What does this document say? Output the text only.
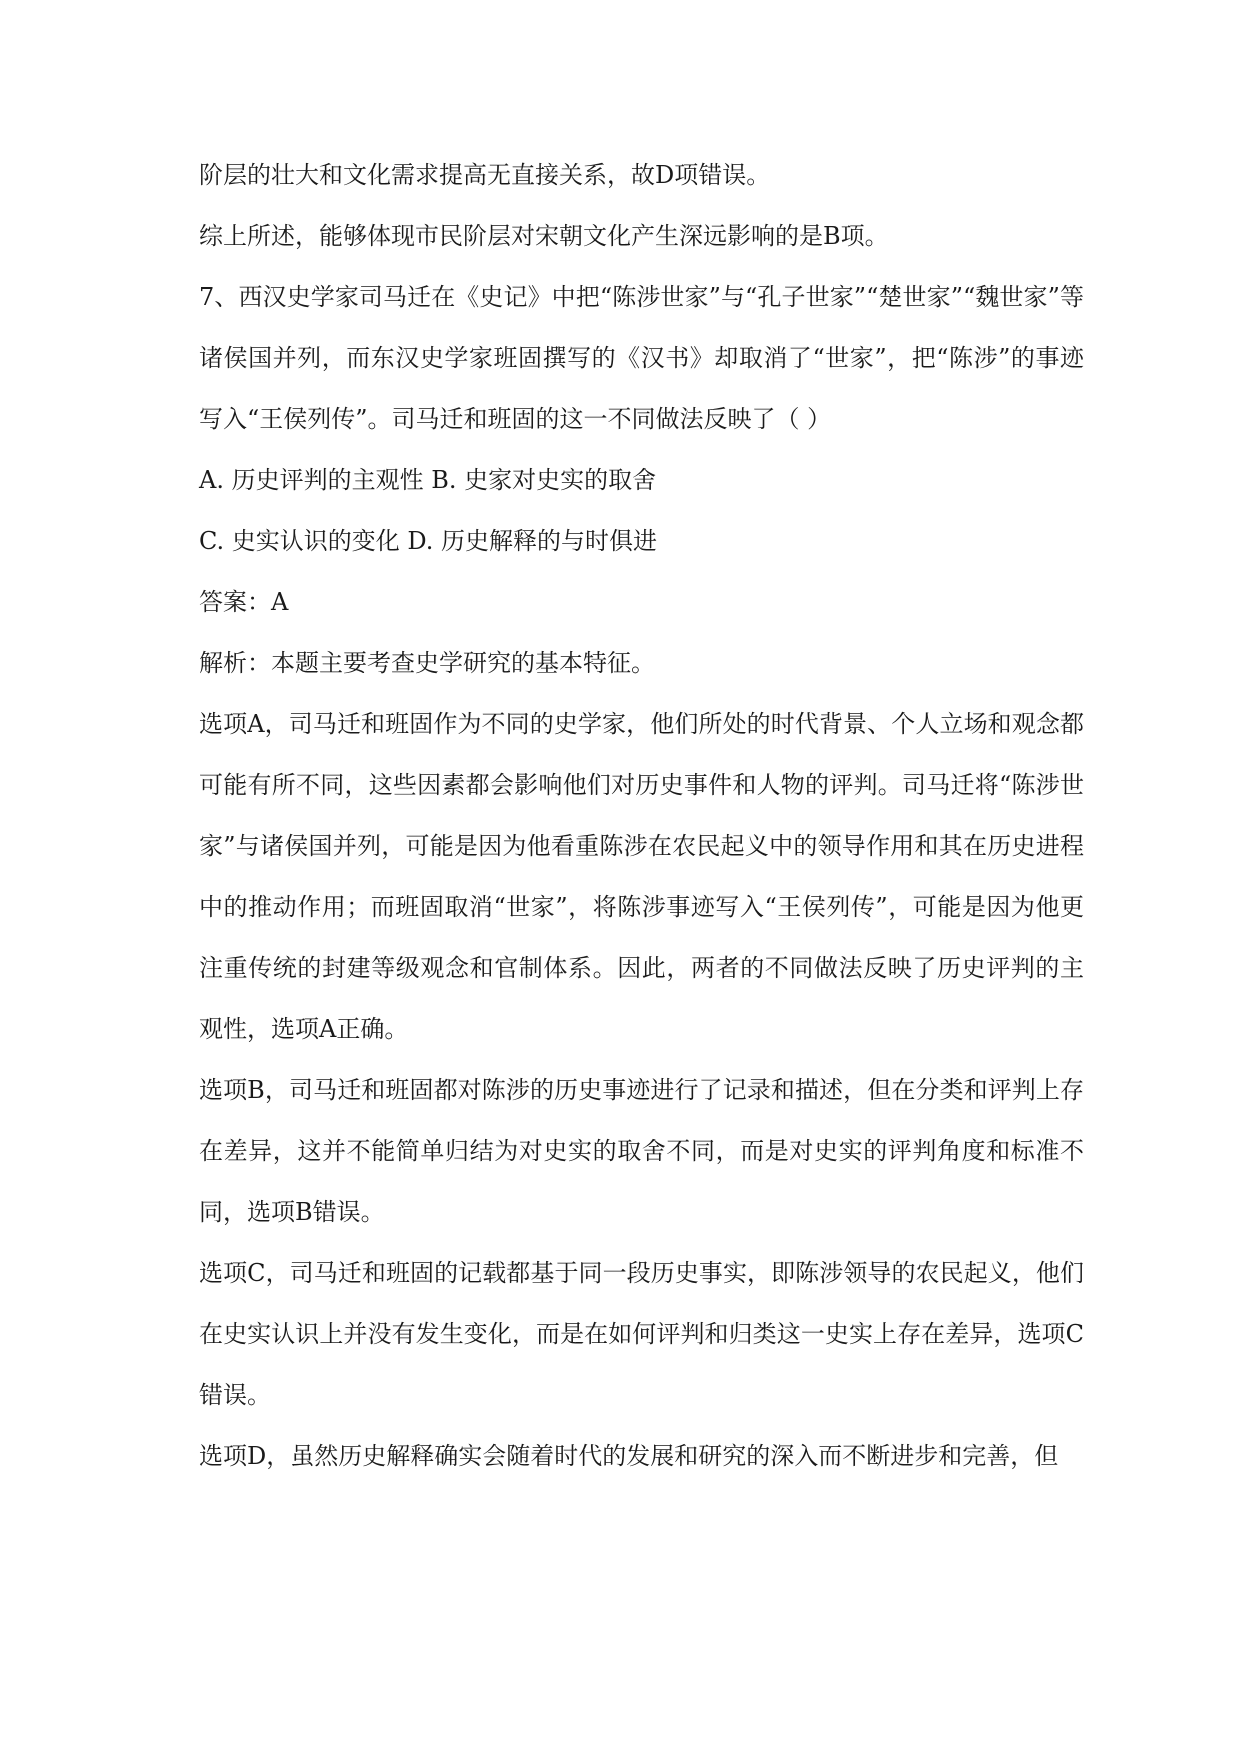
阶层的壮大和文化需求提高无直接关系，故D项错误。

综上所述，能够体现市民阶层对宋朝文化产生深远影响的是B项。

7、西汉史学家司马迁在《史记》中把“陈涉世家”与“孔子世家”“楚世家”“魏世家”等诸侯国并列，而东汉史学家班固撰写的《汉书》却取消了“世家”，把“陈涉”的事迹写入“王侯列传”。司马迁和班固的这一不同做法反映了（ ）

A. 历史评判的主观性 B. 史家对史实的取舍

C. 史实认识的变化 D. 历史解释的与时俱进

答案：A

解析：本题主要考查史学研究的基本特征。

选项A，司马迁和班固作为不同的史学家，他们所处的时代背景、个人立场和观念都可能有所不同，这些因素都会影响他们对历史事件和人物的评判。司马迁将“陈涉世家”与诸侯国并列，可能是因为他看重陈涉在农民起义中的领导作用和其在历史进程中的推动作用；而班固取消“世家”，将陈涉事迹写入“王侯列传”，可能是因为他更注重传统的封建等级观念和官制体系。因此，两者的不同做法反映了历史评判的主观性，选项A正确。

选项B，司马迁和班固都对陈涉的历史事迹进行了记录和描述，但在分类和评判上存在差异，这并不能简单归结为对史实的取舍不同，而是对史实的评判角度和标准不同，选项B错误。

选项C，司马迁和班固的记载都基于同一段历史事实，即陈涉领导的农民起义，他们在史实认识上并没有发生变化，而是在如何评判和归类这一史实上存在差异，选项C错误。

选项D，虽然历史解释确实会随着时代的发展和研究的深入而不断进步和完善，但
